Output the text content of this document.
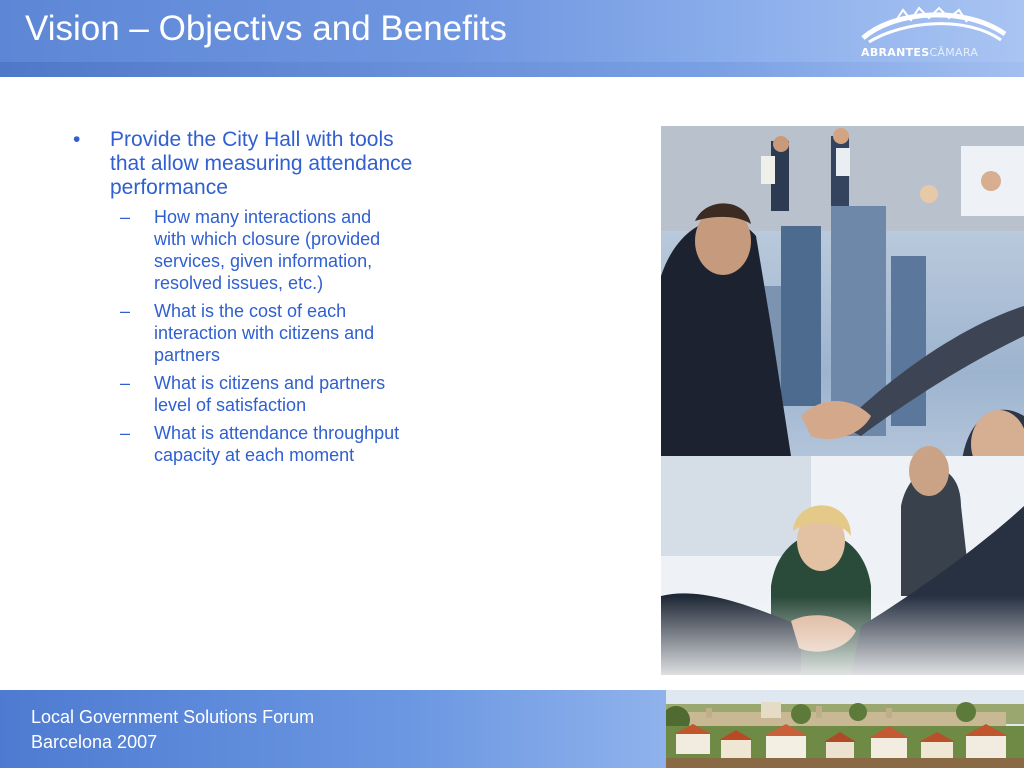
Vision – Objectivs and Benefits
ABRANTESCÂMARA
• Provide the City Hall with tools that allow measuring attendance performance
– How many interactions and with which closure (provided services, given information, resolved issues, etc.)
– What is the cost of each interaction with citizens and partners
– What is citizens and partners level of satisfaction
– What is attendance throughput capacity at each moment
Local Government Solutions Forum
Barcelona 2007
